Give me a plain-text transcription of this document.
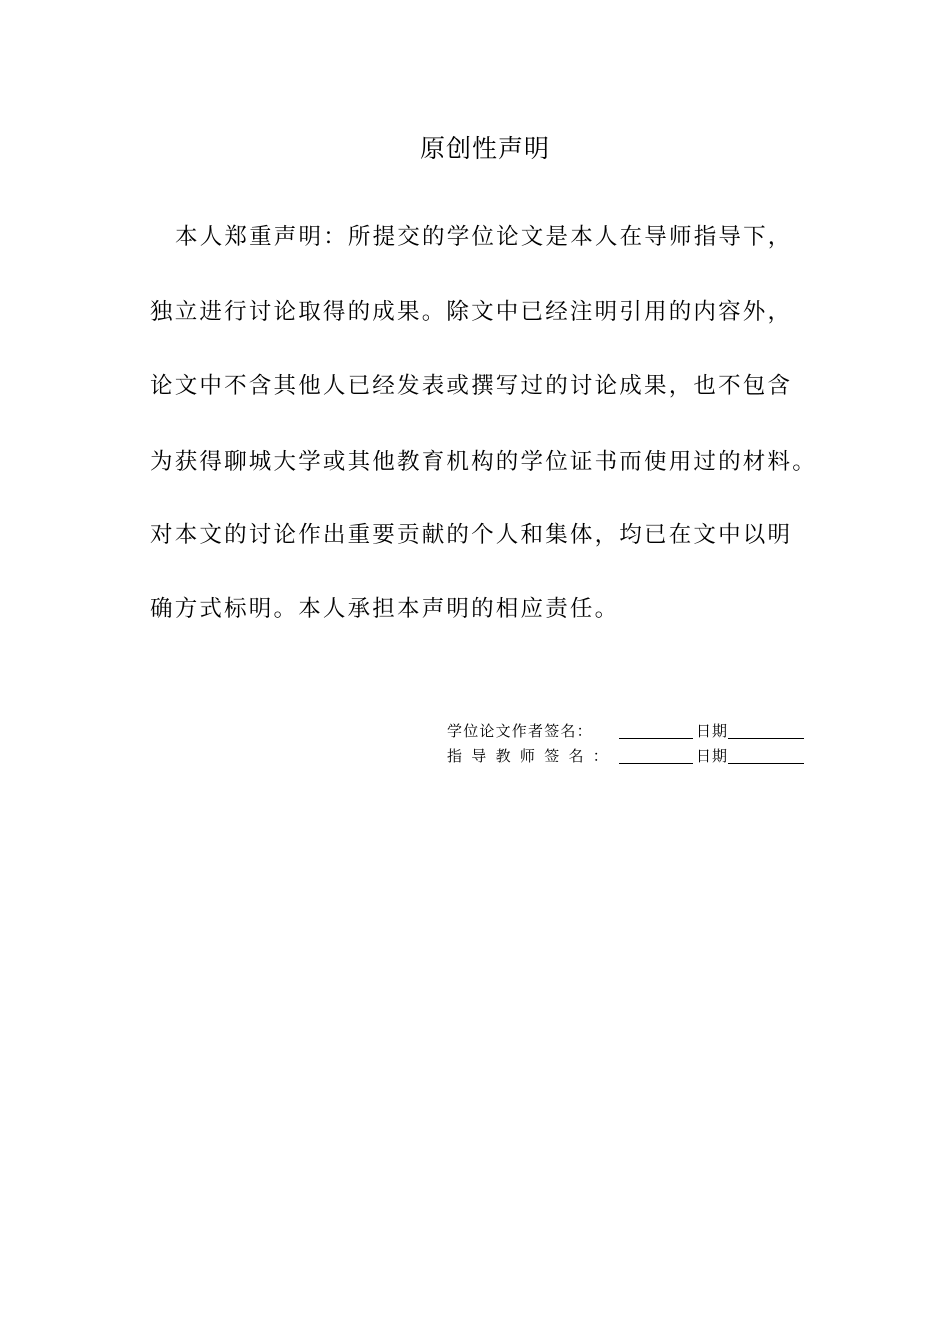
原创性声明
本人郑重声明：所提交的学位论文是本人在导师指导下，
独立进行讨论取得的成果。除文中已经注明引用的内容外，
论文中不含其他人已经发表或撰写过的讨论成果，也不包含
为获得聊城大学或其他教育机构的学位证书而使用过的材料。
对本文的讨论作出重要贡献的个人和集体，均已在文中以明
确方式标明。本人承担本声明的相应责任。
学位论文作者签名：	日期
指导教师签名：	日期
